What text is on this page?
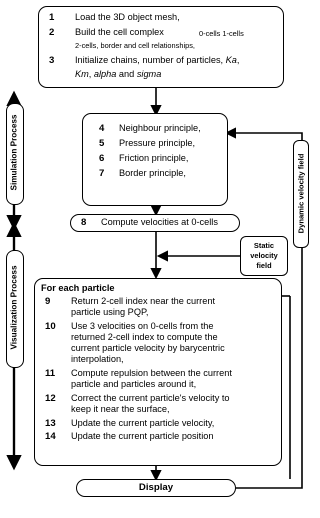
1 Load the 3D object mesh,
2 Build the cell complex	0-cells 1-cells
2-cells, border and cell relationships,
3 Initialize chains, number of particles, Ka,
Km, alpha and sigma
Simulation Process	4 Neighbour principle,
5 Pressure principle,
6 Friction principle,
7 Border principle,	Dynamic velocity field
8 Compute velocities at 0-cells
Static
velocity
field
Visualization Process For each particle
9 Return 2-cell index near the current
particle using PQP,
10 Use 3 velocities on 0-cells from the
returned 2-cell index to compute the
current particle velocity by barycentric
interpolation,
11 Compute repulsion between the current
particle and particles around it,
12 Correct the current particle's velocity to
keep it near the surface,
13 Update the current particle velocity,
14 Update the current particle position
Display
